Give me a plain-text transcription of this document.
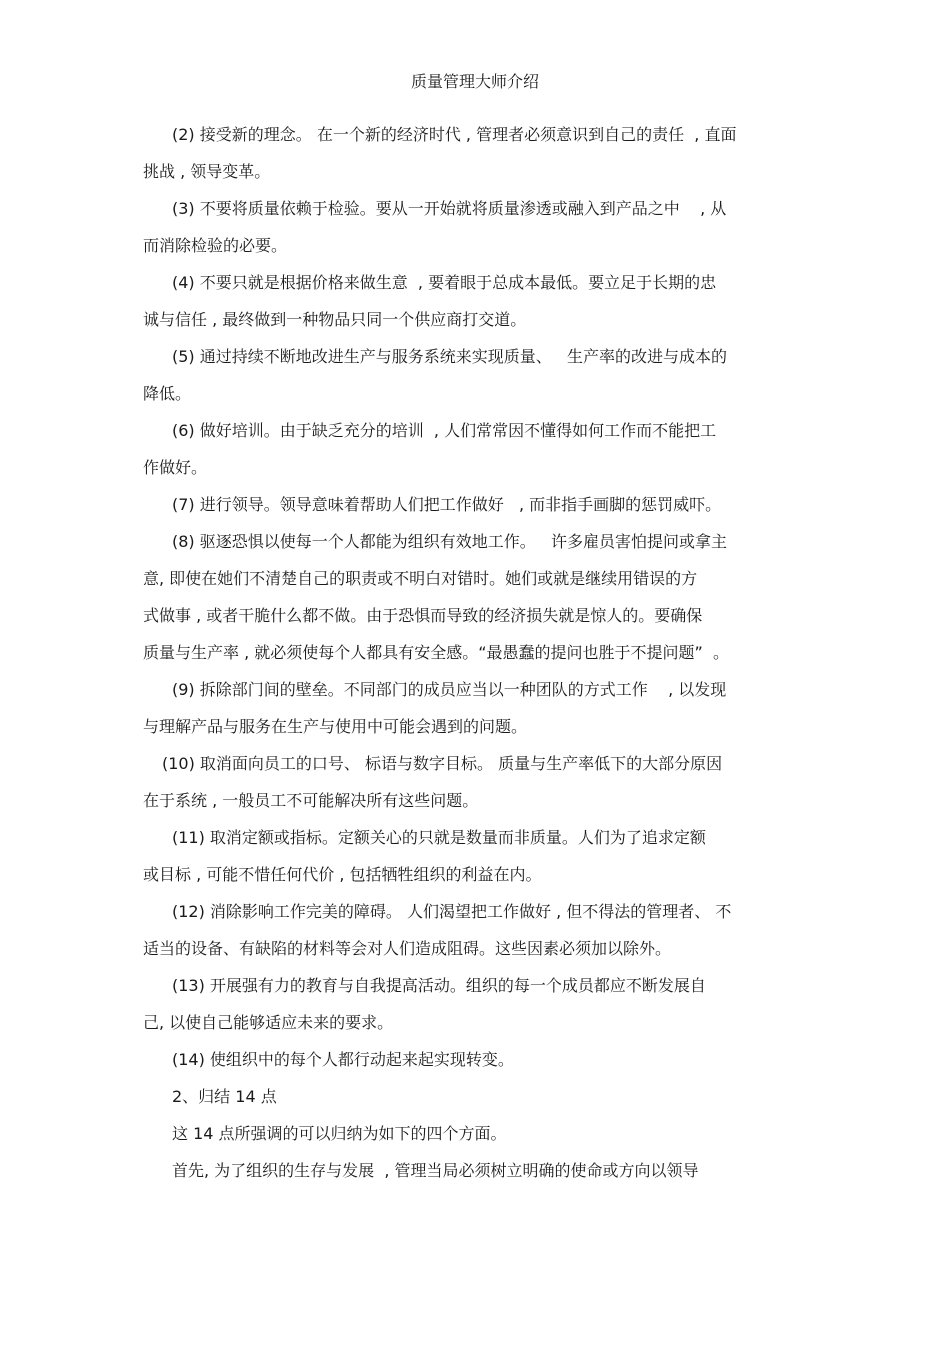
质量管理大师介绍
(2) 接受新的理念。 在一个新的经济时代 , 管理者必须意识到自己的责任  , 直面
挑战 , 领导变革。
(3) 不要将质量依赖于检验。要从一开始就将质量渗透或融入到产品之中    , 从
而消除检验的必要。
(4) 不要只就是根据价格来做生意  , 要着眼于总成本最低。要立足于长期的忠
诚与信任 , 最终做到一种物品只同一个供应商打交道。
(5) 通过持续不断地改进生产与服务系统来实现质量、   生产率的改进与成本的
降低。
(6) 做好培训。由于缺乏充分的培训  , 人们常常因不懂得如何工作而不能把工
作做好。
(7) 进行领导。领导意味着帮助人们把工作做好   , 而非指手画脚的惩罚威吓。
(8) 驱逐恐惧以使每一个人都能为组织有效地工作。   许多雇员害怕提问或拿主
意, 即使在她们不清楚自己的职责或不明白对错时。她们或就是继续用错误的方
式做事 , 或者干脆什么都不做。由于恐惧而导致的经济损失就是惊人的。要确保
质量与生产率 , 就必须使每个人都具有安全感。“最愚蠢的提问也胜于不提问题”  。
(9) 拆除部门间的壁垒。不同部门的成员应当以一种团队的方式工作    , 以发现
与理解产品与服务在生产与使用中可能会遇到的问题。
(10) 取消面向员工的口号、 标语与数字目标。 质量与生产率低下的大部分原因
在于系统 , 一般员工不可能解决所有这些问题。
(11) 取消定额或指标。定额关心的只就是数量而非质量。人们为了追求定额
或目标 , 可能不惜任何代价 , 包括牺牲组织的利益在内。
(12) 消除影响工作完美的障碍。 人们渴望把工作做好 , 但不得法的管理者、 不
适当的设备、有缺陷的材料等会对人们造成阻碍。这些因素必须加以除外。
(13) 开展强有力的教育与自我提高活动。组织的每一个成员都应不断发展自
己, 以使自己能够适应未来的要求。
(14) 使组织中的每个人都行动起来起实现转变。
2、归结 14 点
这 14 点所强调的可以归纳为如下的四个方面。
首先, 为了组织的生存与发展  , 管理当局必须树立明确的使命或方向以领导
